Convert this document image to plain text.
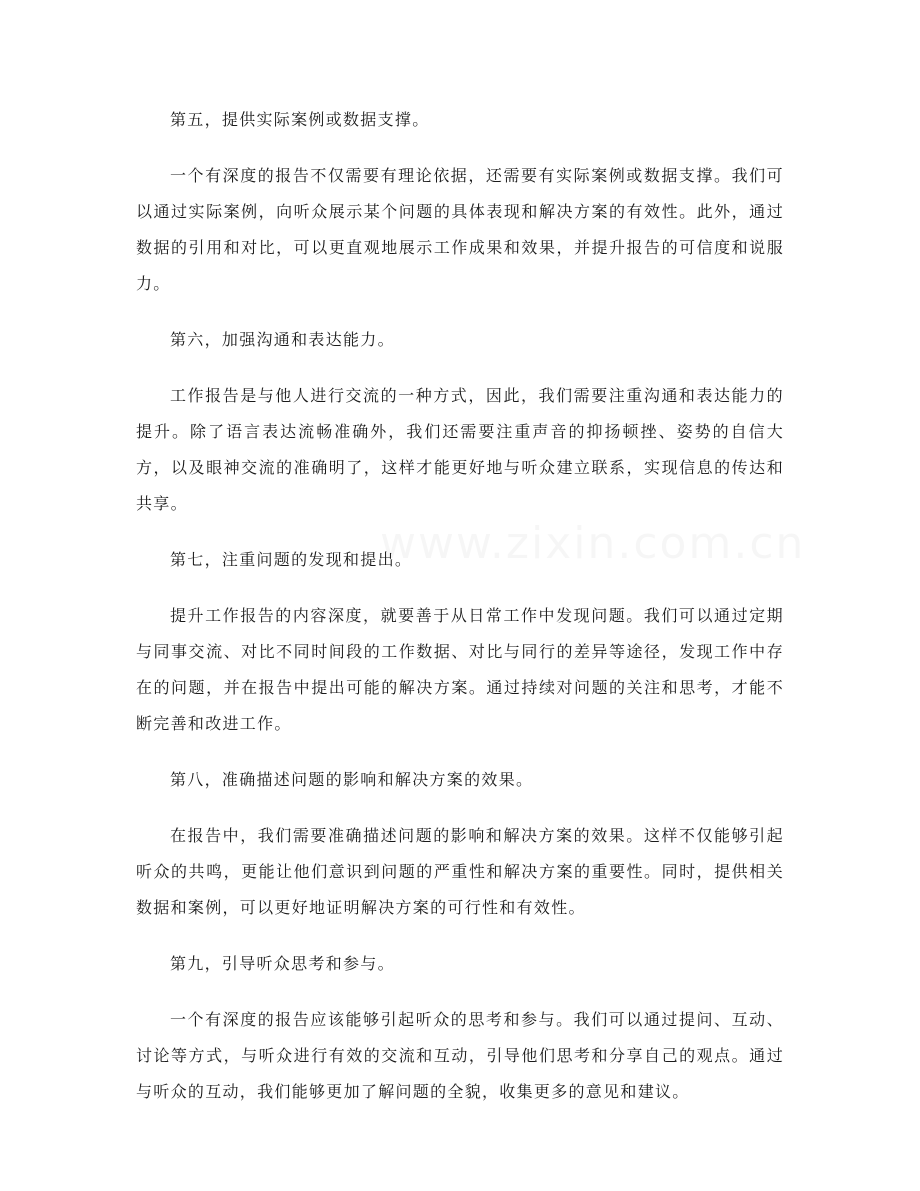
第五，提供实际案例或数据支撑。

一个有深度的报告不仅需要有理论依据，还需要有实际案例或数据支撑。我们可以通过实际案例，向听众展示某个问题的具体表现和解决方案的有效性。此外，通过数据的引用和对比，可以更直观地展示工作成果和效果，并提升报告的可信度和说服力。

第六，加强沟通和表达能力。

工作报告是与他人进行交流的一种方式，因此，我们需要注重沟通和表达能力的提升。除了语言表达流畅准确外，我们还需要注重声音的抑扬顿挫、姿势的自信大方，以及眼神交流的准确明了，这样才能更好地与听众建立联系，实现信息的传达和共享。

第七，注重问题的发现和提出。

提升工作报告的内容深度，就要善于从日常工作中发现问题。我们可以通过定期与同事交流、对比不同时间段的工作数据、对比与同行的差异等途径，发现工作中存在的问题，并在报告中提出可能的解决方案。通过持续对问题的关注和思考，才能不断完善和改进工作。

第八，准确描述问题的影响和解决方案的效果。

在报告中，我们需要准确描述问题的影响和解决方案的效果。这样不仅能够引起听众的共鸣，更能让他们意识到问题的严重性和解决方案的重要性。同时，提供相关数据和案例，可以更好地证明解决方案的可行性和有效性。

第九，引导听众思考和参与。

一个有深度的报告应该能够引起听众的思考和参与。我们可以通过提问、互动、讨论等方式，与听众进行有效的交流和互动，引导他们思考和分享自己的观点。通过与听众的互动，我们能够更加了解问题的全貌，收集更多的意见和建议。
